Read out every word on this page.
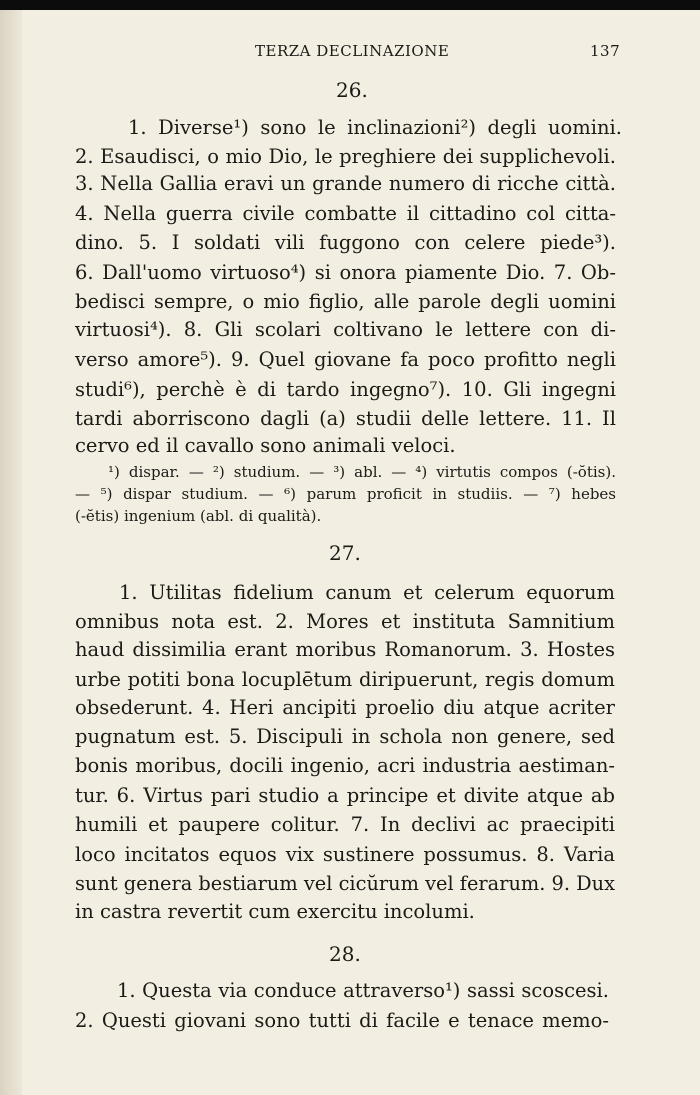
TERZA DECLINAZIONE	137
26.
1. Diverse¹) sono le inclinazioni²) degli uomini.
2. Esaudisci, o mio Dio, le preghiere dei supplichevoli.
3. Nella Gallia eravi un grande numero di ricche città.
4. Nella guerra civile combatte il cittadino col citta-
dino. 5. I soldati vili fuggono con celere piede³).
6. Dall'uomo virtuoso⁴) si onora piamente Dio. 7. Ob-
bedisci sempre, o mio figlio, alle parole degli uomini
virtuosi⁴). 8. Gli scolari coltivano le lettere con di-
verso amore⁵). 9. Quel giovane fa poco profitto negli
studi⁶), perchè è di tardo ingegno⁷). 10. Gli ingegni
tardi aborriscono dagli (a) studii delle lettere. 11. Il
cervo ed il cavallo sono animali veloci.
¹) dispar. — ²) studium. — ³) abl. — ⁴) virtutis compos (-ŏtis).
— ⁵) dispar studium. — ⁶) parum proficit in studiis. — ⁷) hebes
(-ĕtis) ingenium (abl. di qualità).
27.
1. Utilitas fidelium canum et celerum equorum
omnibus nota est. 2. Mores et instituta Samnitium
haud dissimilia erant moribus Romanorum. 3. Hostes
urbe potiti bona locuplētum diripuerunt, regis domum
obsederunt. 4. Heri ancipiti proelio diu atque acriter
pugnatum est. 5. Discipuli in schola non genere, sed
bonis moribus, docili ingenio, acri industria aestiman-
tur. 6. Virtus pari studio a principe et divite atque ab
humili et paupere colitur. 7. In declivi ac praecipiti
loco incitatos equos vix sustinere possumus. 8. Varia
sunt genera bestiarum vel cicŭrum vel ferarum. 9. Dux
in castra revertit cum exercitu incolumi.
28.
1. Questa via conduce attraverso¹) sassi scoscesi.
2. Questi giovani sono tutti di facile e tenace memo-
